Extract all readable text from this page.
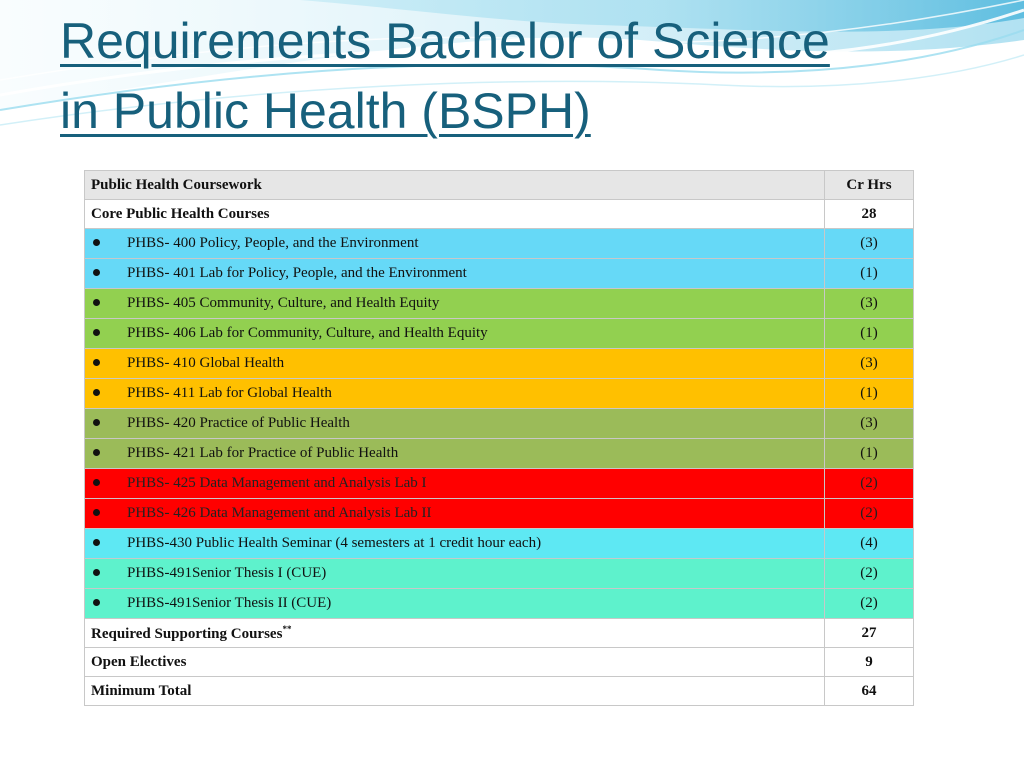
Requirements Bachelor of Science
in Public Health (BSPH)
Public Health Coursework	Cr Hrs
Core Public Health Courses	28
PHBS- 400 Policy, People, and the Environment	(3)
PHBS- 401 Lab for Policy, People, and the Environment	(1)
PHBS- 405 Community, Culture, and Health Equity	(3)
PHBS- 406 Lab for Community, Culture, and Health Equity	(1)
PHBS- 410 Global Health	(3)
PHBS- 411 Lab for Global Health	(1)
PHBS- 420 Practice of Public Health	(3)
PHBS- 421 Lab for Practice of Public Health	(1)
PHBS- 425 Data Management and Analysis Lab I	(2)
PHBS- 426 Data Management and Analysis Lab II	(2)
PHBS-430 Public Health Seminar (4 semesters at 1 credit hour each)	(4)
PHBS-491Senior Thesis I (CUE)	(2)
PHBS-491Senior Thesis II (CUE)	(2)
Required Supporting Courses**	27
Open Electives	9
Minimum Total	64
